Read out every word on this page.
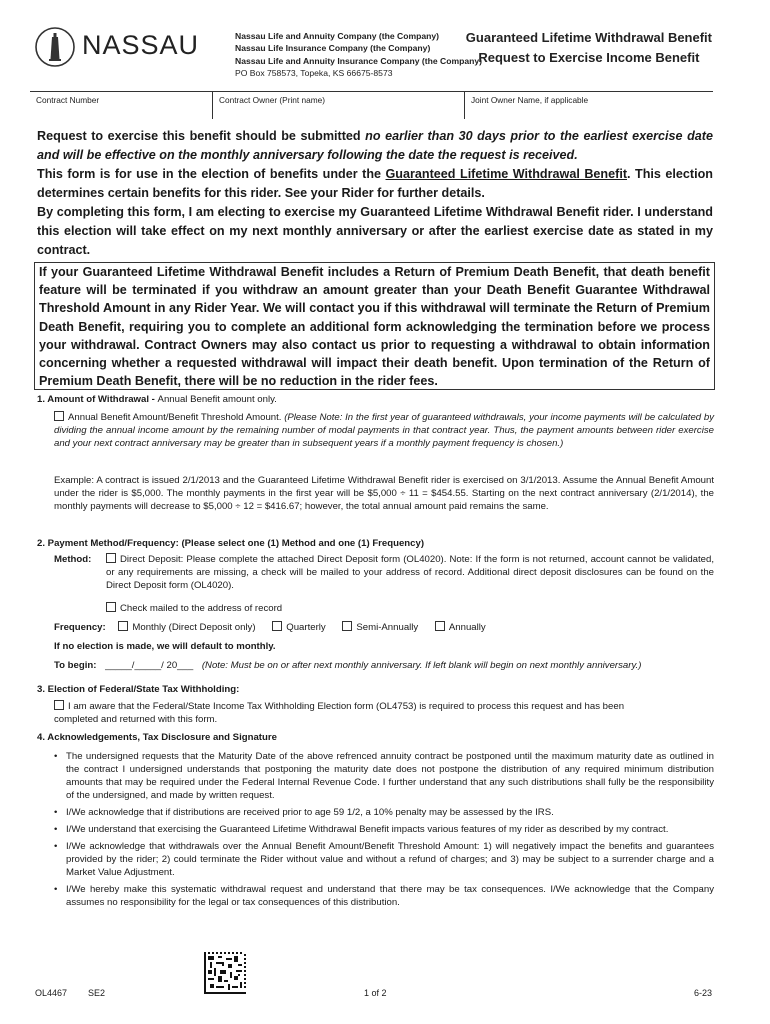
NASSAU	Nassau Life and Annuity Company (the Company)
Nassau Life Insurance Company (the Company)
Nassau Life and Annuity Insurance Company (the Company)
PO Box 758573, Topeka, KS 66675-8573
Guaranteed Lifetime Withdrawal Benefit
Request to Exercise Income Benefit
Contract Number	Contract Owner (Print name)	Joint Owner Name, if applicable

Request to exercise this benefit should be submitted no earlier than 30 days prior to the earliest exercise date and will be effective on the monthly anniversary following the date the request is received.

This form is for use in the election of benefits under the Guaranteed Lifetime Withdrawal Benefit. This election determines certain benefits for this rider. See your Rider for further details.

By completing this form, I am electing to exercise my Guaranteed Lifetime Withdrawal Benefit rider. I understand this election will take effect on my next monthly anniversary or after the earliest exercise date as stated in my contract.

If your Guaranteed Lifetime Withdrawal Benefit includes a Return of Premium Death Benefit, that death benefit feature will be terminated if you withdraw an amount greater than your Death Benefit Guarantee Withdrawal Threshold Amount in any Rider Year. We will contact you if this withdrawal will terminate the Return of Premium Death Benefit, requiring you to complete an additional form acknowledging the termination before we process your withdrawal. Contract Owners may also contact us prior to requesting a withdrawal to obtain information concerning whether a requested withdrawal will impact their death benefit. Upon termination of the Return of Premium Death Benefit, there will be no reduction in the rider fees.
1. Amount of Withdrawal - Annual Benefit amount only.
Annual Benefit Amount/Benefit Threshold Amount. (Please Note: In the first year of guaranteed withdrawals, your income payments will be calculated by dividing the annual income amount by the remaining number of modal payments in that contract year. Thus, the payment amounts between rider exercise and your next contract anniversary may be greater than in subsequent years if a monthly payment frequency is chosen.)
Example: A contract is issued 2/1/2013 and the Guaranteed Lifetime Withdrawal Benefit rider is exercised on 3/1/2013. Assume the Annual Benefit Amount under the rider is $5,000. The monthly payments in the first year will be $5,000 ÷ 11 = $454.55. Starting on the next contract anniversary (2/1/2014), the monthly payments will decrease to $5,000 ÷ 12 = $416.67; however, the total annual amount paid remains the same.
2. Payment Method/Frequency: (Please select one (1) Method and one (1) Frequency)
Method:	Direct Deposit: Please complete the attached Direct Deposit form (OL4020). Note: If the form is not returned, account cannot be validated, or any requirements are missing, a check will be mailed to your address of record. Additional direct deposit disclosures can be found on the Direct Deposit form (OL4020).
Check mailed to the address of record
Frequency:	Monthly (Direct Deposit only)	Quarterly	Semi-Annually	Annually
If no election is made, we will default to monthly.
To begin: _____/_____/ 20___ (Note: Must be on or after next monthly anniversary. If left blank will begin on next monthly anniversary.)
3. Election of Federal/State Tax Withholding:
I am aware that the Federal/State Income Tax Withholding Election form (OL4753) is required to process this request and has been completed and returned with this form.
4. Acknowledgements, Tax Disclosure and Signature
• The undersigned requests that the Maturity Date of the above refrenced annuity contract be postponed until the maximum maturity date as outlined in the contract I undersigned understands that postponing the maturity date does not postpone the distribution of any required minimum distribution amounts that may be required under the Federal Internal Revenue Code. I further understand that any such distributions shall fully be the responsibility of the undersigned, and made by written request.
• I/We acknowledge that if distributions are received prior to age 59 1/2, a 10% penalty may be assessed by the IRS.
• I/We understand that exercising the Guaranteed Lifetime Withdrawal Benefit impacts various features of my rider as described by my contract.
• I/We acknowledge that withdrawals over the Annual Benefit Amount/Benefit Threshold Amount: 1) will negatively impact the benefits and guarantees provided by the rider; 2) could terminate the Rider without value and without a refund of charges; and 3) may be subject to a surrender charge and a Market Value Adjustment.
• I/We hereby make this systematic withdrawal request and understand that there may be tax consequences. I/We acknowledge that the Company assumes no responsibility for the legal or tax consequences of this distribution.
OL4467 SE2	1 of 2	6-23
